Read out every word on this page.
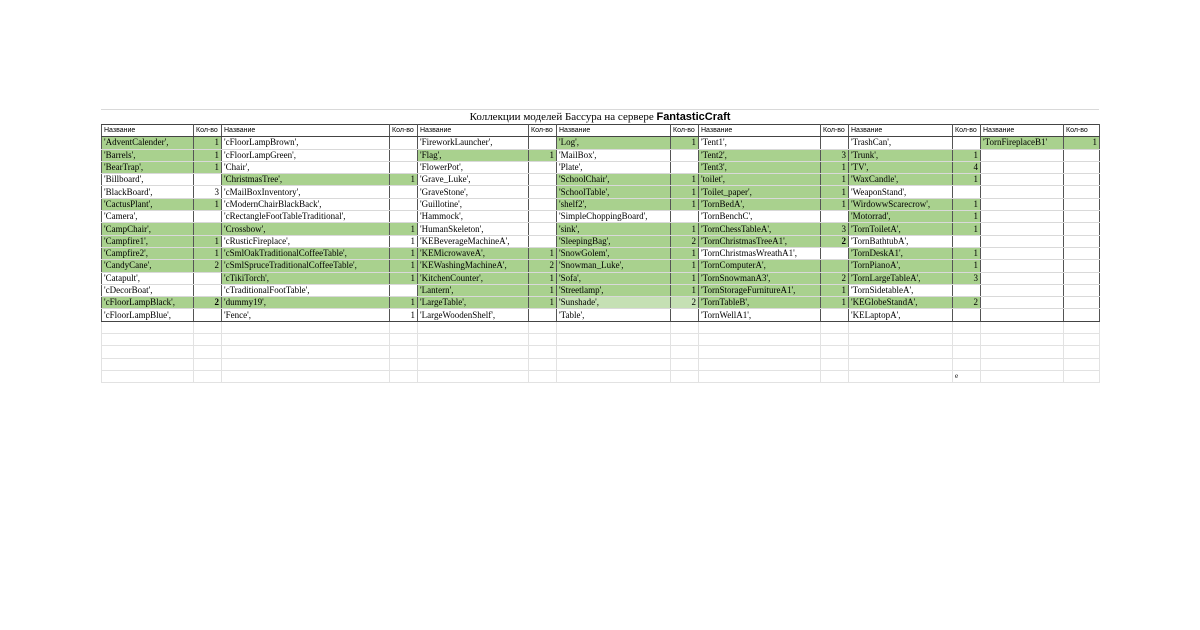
Коллекции моделей Бассура на сервере FantasticCraft
Название	Кол-во	Название	Кол-во	Название	Кол-во	Название	Кол-во	Название	Кол-во	Название	Кол-во	Название	Кол-во
'AdventCalender',	1	'cFloorLampBrown',		'FireworkLauncher',		'Log',	1	'Tent1',		'TrashCan',		'TornFireplaceB1'	1
'Barrels',	1	'cFloorLampGreen',		'Flag',	1	'MailBox',		'Tent2',	3	'Trunk',	1		
'BearTrap',	1	'Chair',		'FlowerPot',		'Plate',		'Tent3',	1	'TV',	4		
'Billboard',		'ChristmasTree',	1	'Grave_Luke',		'SchoolChair',	1	'toilet',	1	'WaxCandle',	1		
'BlackBoard',	3	'cMailBoxInventory',		'GraveStone',		'SchoolTable',	1	'Toilet_paper',	1	'WeaponStand',			
'CactusPlant',	1	'cModernChairBlackBack',		'Guillotine',		'shelf2',	1	'TornBedA',	1	'WirdowwScarecrow',	1		
'Camera',		'cRectangleFootTableTraditional',		'Hammock',		'SimpleChoppingBoard',		'TornBenchC',		'Motorrad',	1		
'CampChair',		'Crossbow',	1	'HumanSkeleton',		'sink',	1	'TornChessTableA',	3	'TornToiletA',	1		
'Campfire1',	1	'cRusticFireplace',	1	'KEBeverageMachineA',		'SleepingBag',	2	'TornChristmasTreeA1',	2	'TornBathtubA',			
'Campfire2',	1	'cSmlOakTraditionalCoffeeTable',	1	'KEMicrowaveA',	1	'SnowGolem',	1	'TornChristmasWreathA1',		'TornDeskA1',	1		
'CandyCane',	2	'cSmlSpruceTraditionalCoffeeTable',	1	'KEWashingMachineA',	2	'Snowman_Luke',	1	'TornComputerA',		'TornPianoA',	1		
'Catapult',		'cTikiTorch',	1	'KitchenCounter',	1	'Sofa',	1	'TornSnowmanA3',	2	'TornLargeTableA',	3		
'cDecorBoat',		'cTraditionalFootTable',		'Lantern',	1	'Streetlamp',	1	'TornStorageFurnitureA1',	1	'TornSidetableA',			
'cFloorLampBlack',	2	'dummy19',	1	'LargeTable',	1	'Sunshade',	2	'TornTableB',	1	'KEGlobeStandA',	2		
'cFloorLampBlue',		'Fence',	1	'LargeWoodenShelf',		'Table',		'TornWellA1',		'KELaptopA',			

											e		
